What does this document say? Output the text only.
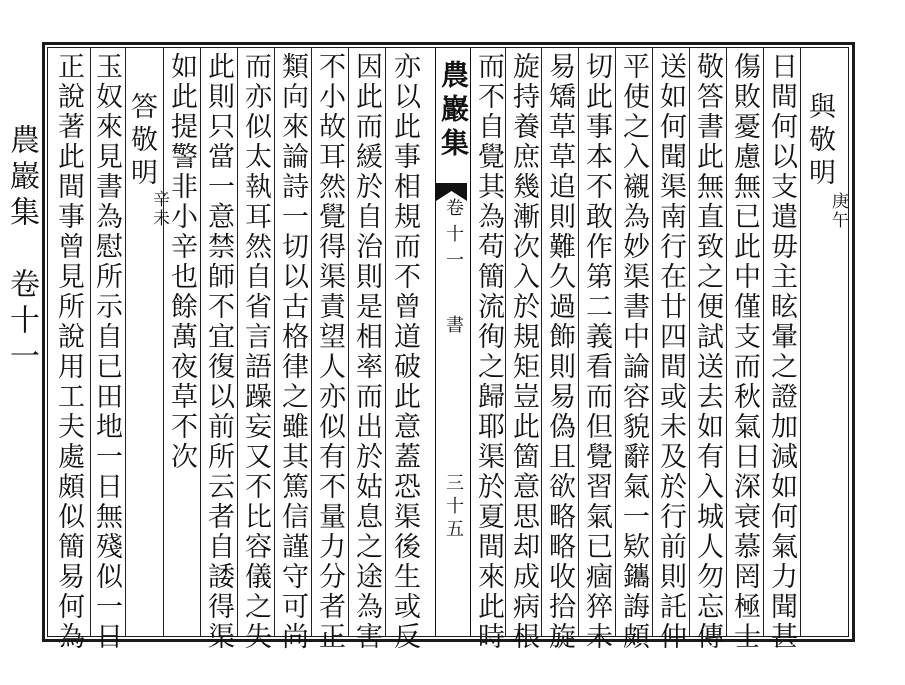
農巖集　卷十一
農巖集
卷十一
書
三十五
正說著此間事曾見所說用工夫處頗似簡易何為 玉奴來見書為慰所示自已田地一日無殘似一日 答敬明
辛未
如此提警非小辛也餘萬夜草不次 此則只當一意禁師不宜復以前所云者自諉得渠 而亦似太執耳然自省言語躁妄又不比容儀之失 類向來論詩一切以古格律之雖其篤信謹守可尚 不小故耳然覺得渠責望人亦似有不量力分者正 因此而緩於自治則是相率而出於姑息之途為害 亦以此事相規而不曾道破此意蓋恐渠後生或反 而不自覺其為苟簡流徇之歸耶渠於夏間來此時 旋持養庶幾漸次入於規矩豈此箇意思却成病根 易矯草草追則難久過飾則易偽且欲略略收拾旋 切此事本不敢作第二義看而但覺習氣已痼猝未 平使之入襯為妙渠書中論容貌辭氣一欵鑴誨頗 送如何聞渠南行在廿四間或未及於行前則託仲 敬答書此無直致之便試送去如有入城人勿忘傳 傷敗憂慮無已此中僅支而秋氣日深衰慕罔極士 日間何以支遣毋主眩暈之證加減如何氣力聞甚 與敬明
庚午
